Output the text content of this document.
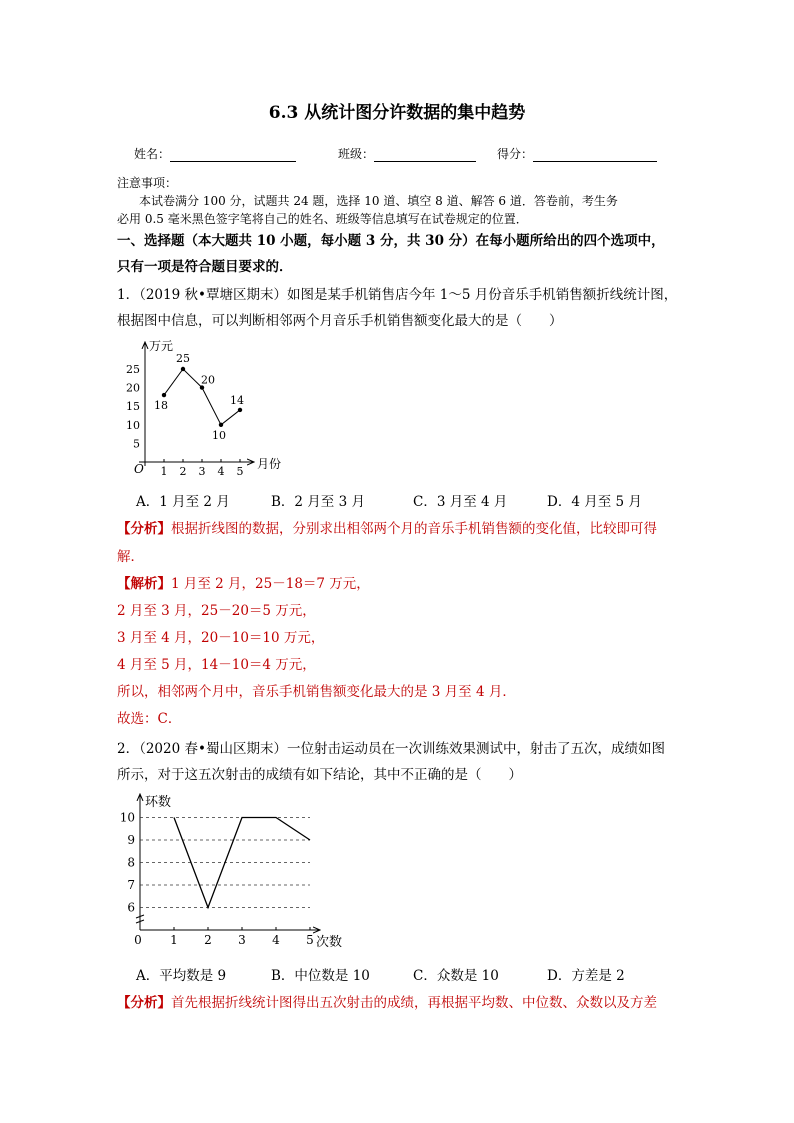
6.3 从统计图分许数据的集中趋势
姓名：	班级：	得分：
注意事项：
本试卷满分 100 分，试题共 24 题，选择 10 道、填空 8 道、解答 6 道．答卷前，考生务
必用 0.5 毫米黑色签字笔将自己的姓名、班级等信息填写在试卷规定的位置．
一、选择题（本大题共 10 小题，每小题 3 分，共 30 分）在每小题所给出的四个选项中，
只有一项是符合题目要求的．
1．（2019 秋•覃塘区期末）如图是某手机销售店今年 1～5 月份音乐手机销售额折线统计图，
根据图中信息，可以判断相邻两个月音乐手机销售额变化最大的是（　　）
万元
月份
O
5
10
15
20
25
1 2 3 4 5
18
25
20
10
14
A．1 月至 2 月	B．2 月至 3 月	C．3 月至 4 月	D．4 月至 5 月
【分析】根据折线图的数据，分别求出相邻两个月的音乐手机销售额的变化值，比较即可得
解．
【解析】1 月至 2 月，25－18＝7 万元，
2 月至 3 月，25－20＝5 万元，
3 月至 4 月，20－10＝10 万元，
4 月至 5 月，14－10＝4 万元，
所以，相邻两个月中，音乐手机销售额变化最大的是 3 月至 4 月．
故选：C．
2．（2020 春•蜀山区期末）一位射击运动员在一次训练效果测试中，射击了五次，成绩如图
所示，对于这五次射击的成绩有如下结论，其中不正确的是（　　）
环数
次数
0
6
7
8
9
10
1 2 3 4 5
A．平均数是 9	B．中位数是 10	C．众数是 10	D．方差是 2
【分析】首先根据折线统计图得出五次射击的成绩，再根据平均数、中位数、众数以及方差
